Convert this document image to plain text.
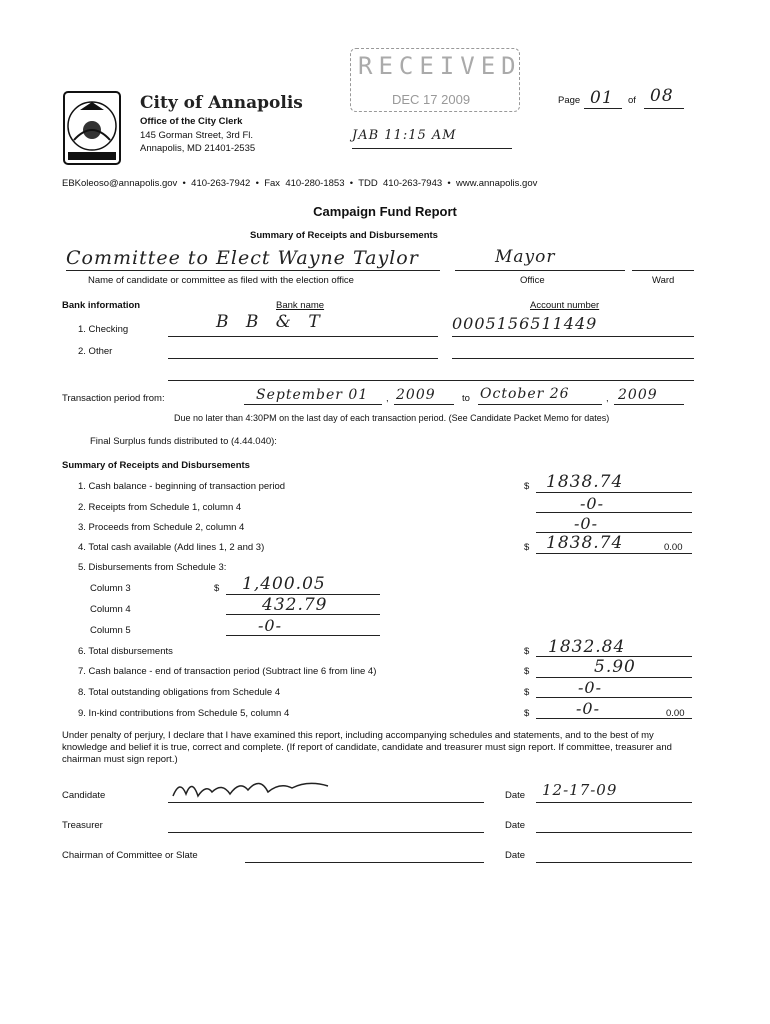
City of Annapolis
Office of the City Clerk
145 Gorman Street, 3rd Fl.
Annapolis, MD 21401-2535
RECEIVED
DEC 17 2009
JAB 11:15 AM
Page 01 of 08
EBKoleoso@annapolis.gov  •  410-263-7942  •  Fax  410-280-1853  •  TDD  410-263-7943  •  www.annapolis.gov
Campaign Fund Report
Summary of Receipts and Disbursements
Committee to Elect Wayne Taylor	Mayor
Name of candidate or committee as filed with the election office	Office	Ward
Bank information	Bank name	Account number
1. Checking	B B & T	0005156511449
2. Other
Transaction period from:	September 01 , 2009	to October 26	, 2009
Due no later than 4:30PM on the last day of each transaction period. (See Candidate Packet Memo for dates)
Final Surplus funds distributed to (4.44.040):
Summary of Receipts and Disbursements
1. Cash balance - beginning of transaction period	$ 1838.74
2. Receipts from Schedule 1, column 4	-0-
3. Proceeds from Schedule 2, column 4	-0-
4. Total cash available (Add lines 1, 2 and 3)	$ 1838.74	0.00
5. Disbursements from Schedule 3:
Column 3	$ 1,400.05
Column 4	432.79
Column 5	-0-
6. Total disbursements	$ 1832.84
7. Cash balance - end of transaction period (Subtract line 6 from line 4)	$	5.90
8. Total outstanding obligations from Schedule 4	$	-0-
9. In-kind contributions from Schedule 5, column 4	$	-0-	0.00
Under penalty of perjury, I declare that I have examined this report, including accompanying schedules and statements, and to the best of my knowledge and belief it is true, correct and complete. (If report of candidate, candidate and treasurer must sign report. If committee, treasurer and chairman must sign report.)
Candidate	Date 12-17-09
Treasurer	Date
Chairman of Committee or Slate	Date
